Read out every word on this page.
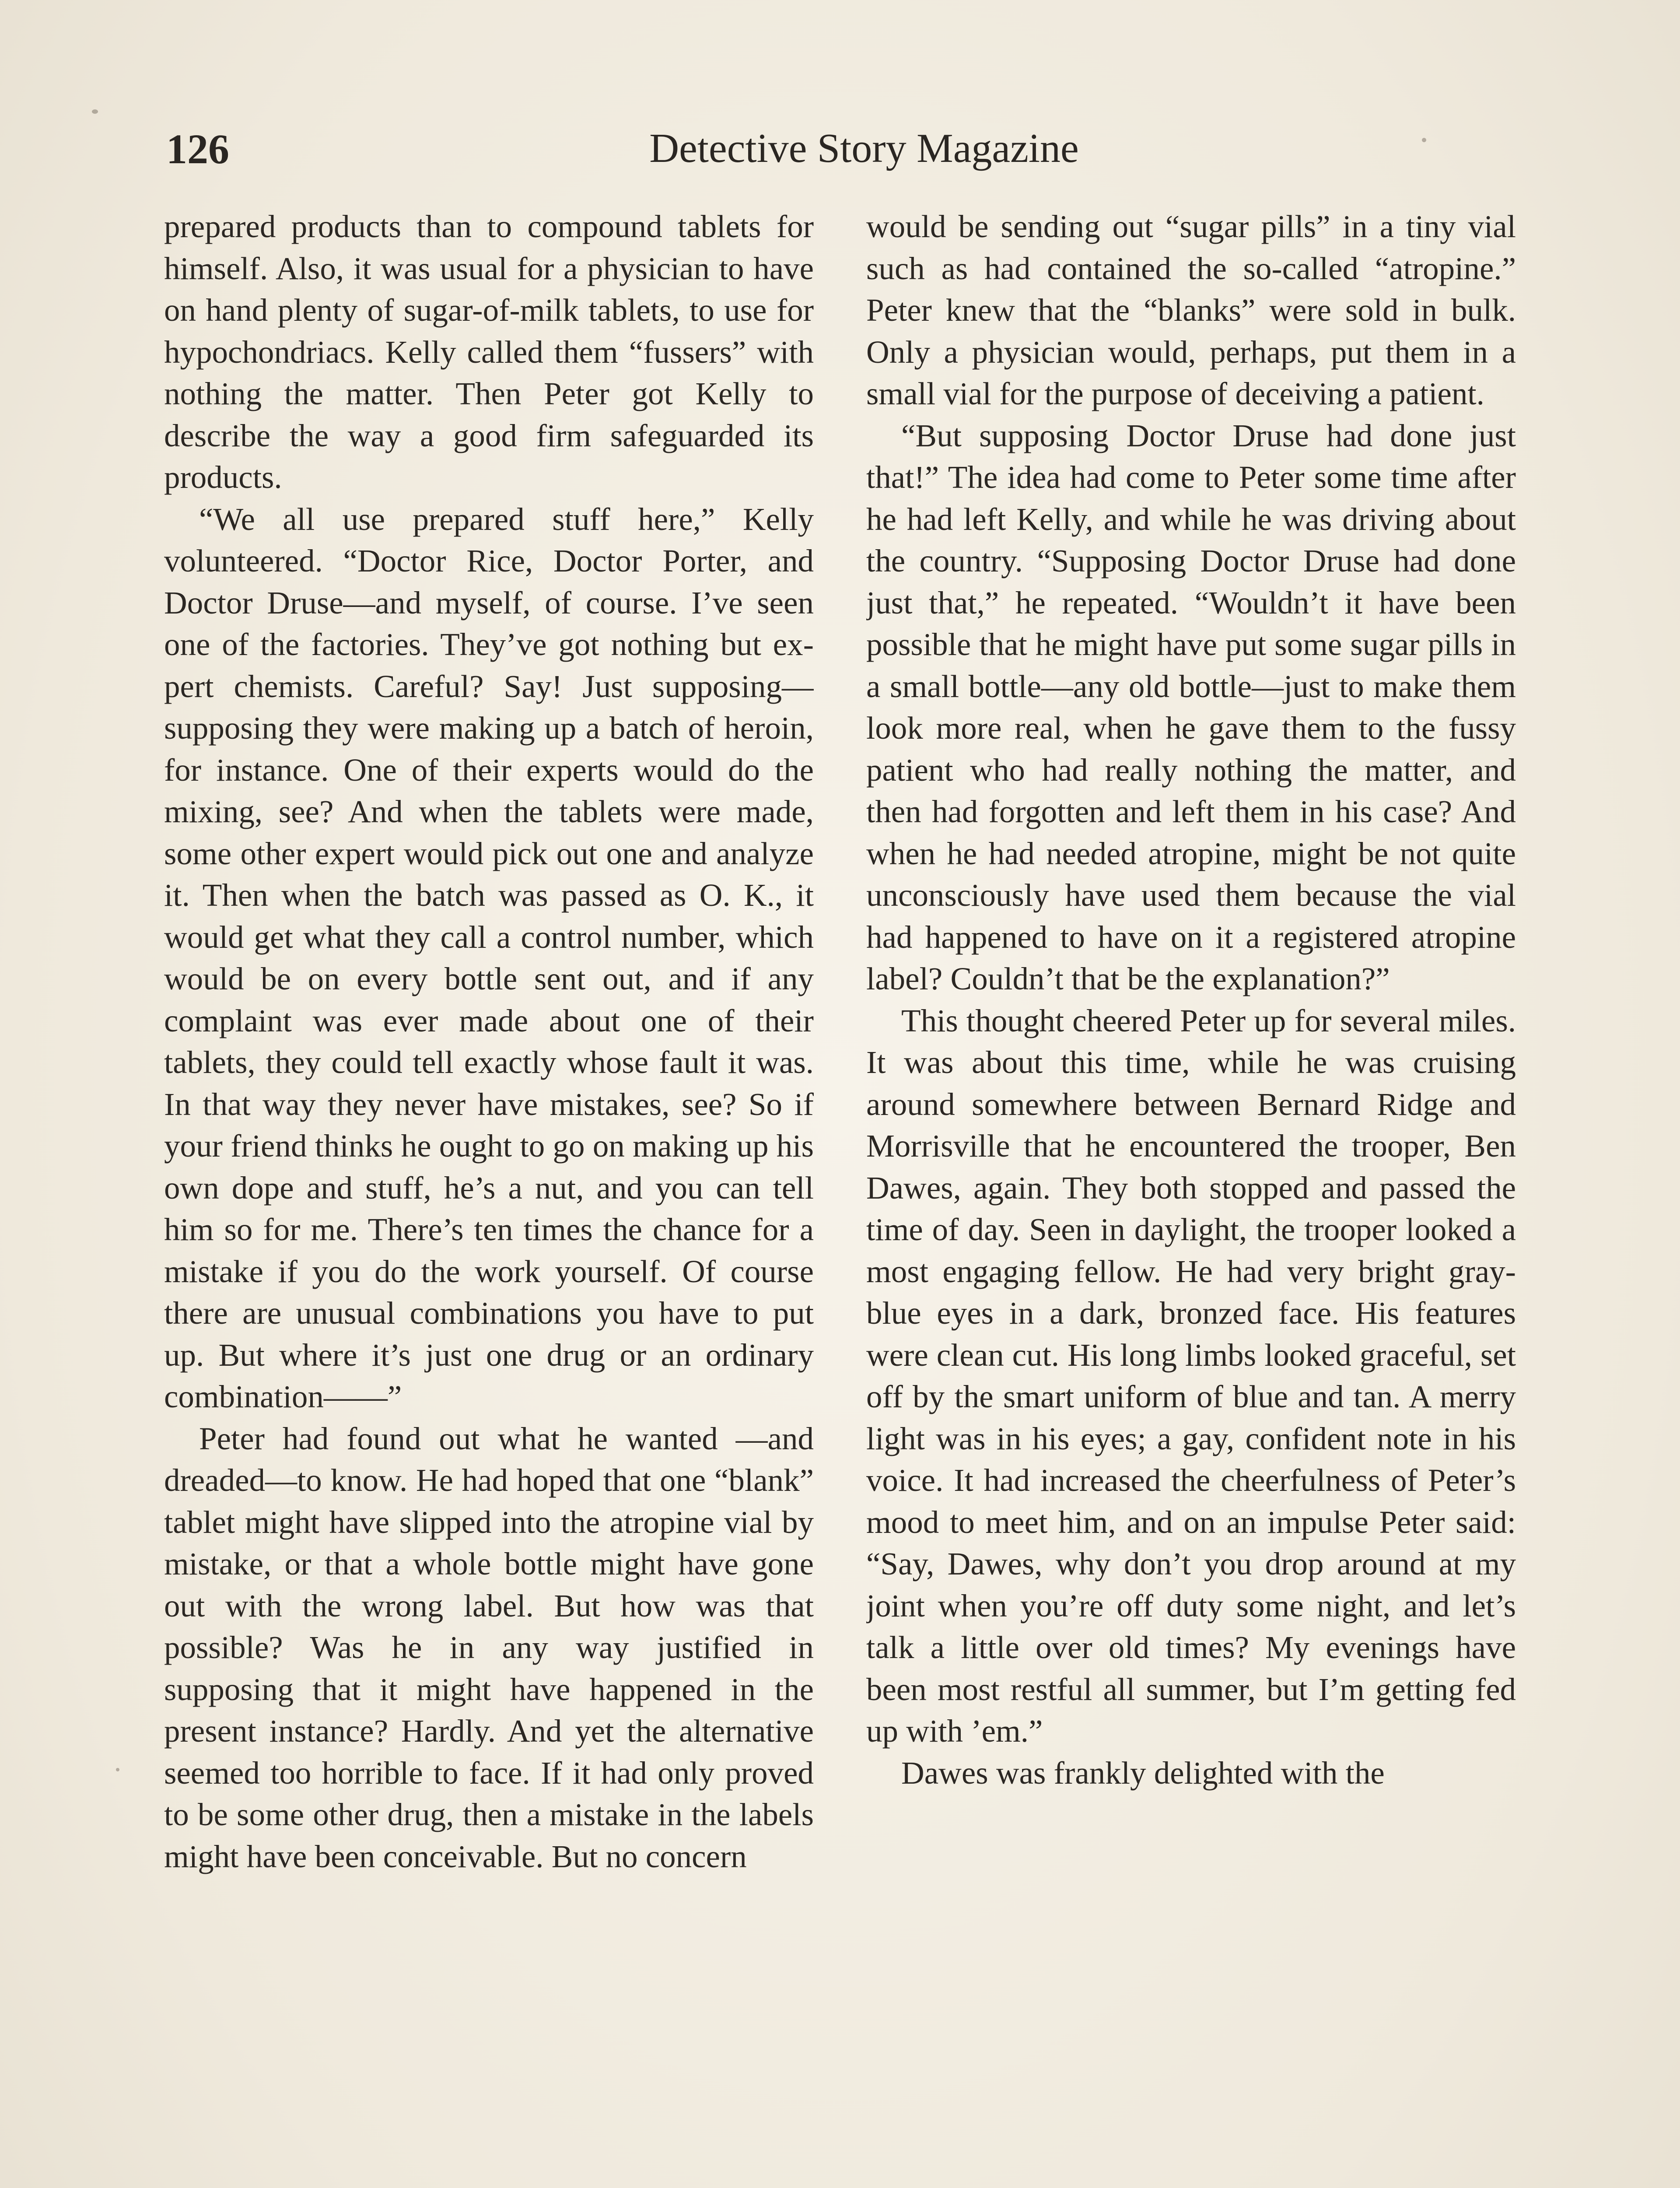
126	Detective Story Magazine

prepared products than to compound tablets for himself. Also, it was usual for a physician to have on hand plenty of sugar-of-milk tablets, to use for hypochondriacs. Kelly called them “fussers” with nothing the matter. Then Peter got Kelly to describe the way a good firm safeguarded its products.

“We all use prepared stuff here,” Kelly volunteered. “Doctor Rice, Doctor Porter, and Doctor Druse—and myself, of course. I’ve seen one of the factories. They’ve got nothing but expert chemists. Careful? Say! Just supposing—supposing they were making up a batch of heroin, for instance. One of their experts would do the mixing, see? And when the tablets were made, some other expert would pick out one and analyze it. Then when the batch was passed as O. K., it would get what they call a control number, which would be on every bottle sent out, and if any complaint was ever made about one of their tablets, they could tell exactly whose fault it was. In that way they never have mistakes, see? So if your friend thinks he ought to go on making up his own dope and stuff, he’s a nut, and you can tell him so for me. There’s ten times the chance for a mistake if you do the work yourself. Of course there are unusual combinations you have to put up. But where it’s just one drug or an ordinary combination——”

Peter had found out what he wanted —and dreaded—to know. He had hoped that one “blank” tablet might have slipped into the atropine vial by mistake, or that a whole bottle might have gone out with the wrong label. But how was that possible? Was he in any way justified in supposing that it might have happened in the present instance? Hardly. And yet the alternative seemed too horrible to face. If it had only proved to be some other drug, then a mistake in the labels might have been conceivable. But no concern

would be sending out “sugar pills” in a tiny vial such as had contained the so-called “atropine.” Peter knew that the “blanks” were sold in bulk. Only a physician would, perhaps, put them in a small vial for the purpose of deceiving a patient.

“But supposing Doctor Druse had done just that!” The idea had come to Peter some time after he had left Kelly, and while he was driving about the country. “Supposing Doctor Druse had done just that,” he repeated. “Wouldn’t it have been possible that he might have put some sugar pills in a small bottle—any old bottle—just to make them look more real, when he gave them to the fussy patient who had really nothing the matter, and then had forgotten and left them in his case? And when he had needed atropine, might be not quite unconsciously have used them because the vial had happened to have on it a registered atropine label? Couldn’t that be the explanation?”

This thought cheered Peter up for several miles. It was about this time, while he was cruising around somewhere between Bernard Ridge and Morrisville that he encountered the trooper, Ben Dawes, again. They both stopped and passed the time of day. Seen in daylight, the trooper looked a most engaging fellow. He had very bright gray-blue eyes in a dark, bronzed face. His features were clean cut. His long limbs looked graceful, set off by the smart uniform of blue and tan. A merry light was in his eyes; a gay, confident note in his voice. It had increased the cheerfulness of Peter’s mood to meet him, and on an impulse Peter said: “Say, Dawes, why don’t you drop around at my joint when you’re off duty some night, and let’s talk a little over old times? My evenings have been most restful all summer, but I’m getting fed up with ’em.”

Dawes was frankly delighted with the
